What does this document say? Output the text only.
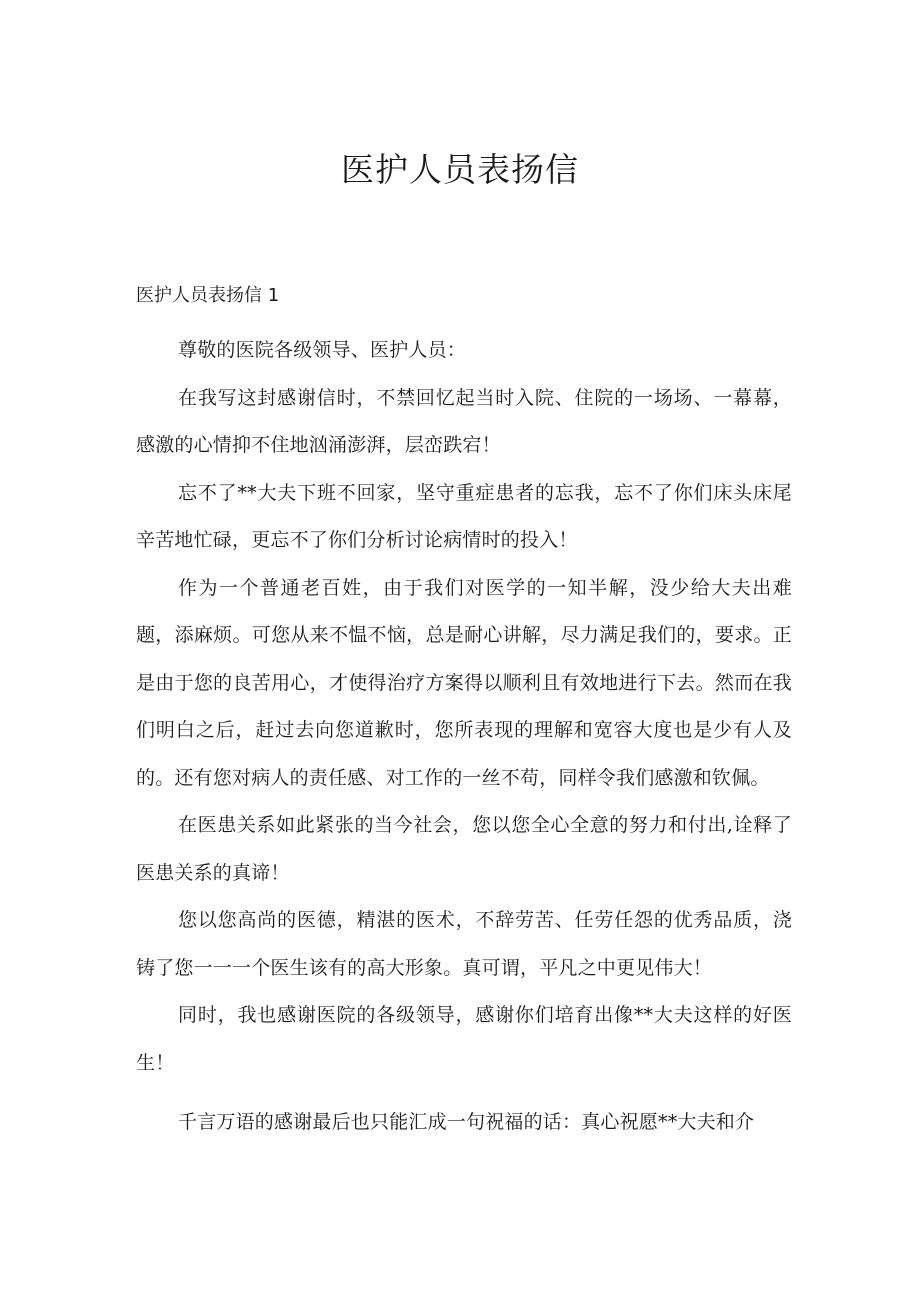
医护人员表扬信
医护人员表扬信 1

尊敬的医院各级领导、医护人员：

在我写这封感谢信时，不禁回忆起当时入院、住院的一场场、一幕幕，感激的心情抑不住地汹涌澎湃，层峦跌宕！

忘不了**大夫下班不回家，坚守重症患者的忘我，忘不了你们床头床尾辛苦地忙碌，更忘不了你们分析讨论病情时的投入！

作为一个普通老百姓，由于我们对医学的一知半解，没少给大夫出难题，添麻烦。可您从来不愠不恼，总是耐心讲解，尽力满足我们的，要求。正是由于您的良苦用心，才使得治疗方案得以顺利且有效地进行下去。然而在我们明白之后，赶过去向您道歉时，您所表现的理解和宽容大度也是少有人及的。还有您对病人的责任感、对工作的一丝不苟，同样令我们感激和钦佩。

在医患关系如此紧张的当今社会，您以您全心全意的努力和付出,诠释了医患关系的真谛！

您以您高尚的医德，精湛的医术，不辞劳苦、任劳任怨的优秀品质，浇铸了您一一一个医生该有的高大形象。真可谓，平凡之中更见伟大！

同时，我也感谢医院的各级领导，感谢你们培育出像**大夫这样的好医生！

千言万语的感谢最后也只能汇成一句祝福的话：真心祝愿**大夫和介
